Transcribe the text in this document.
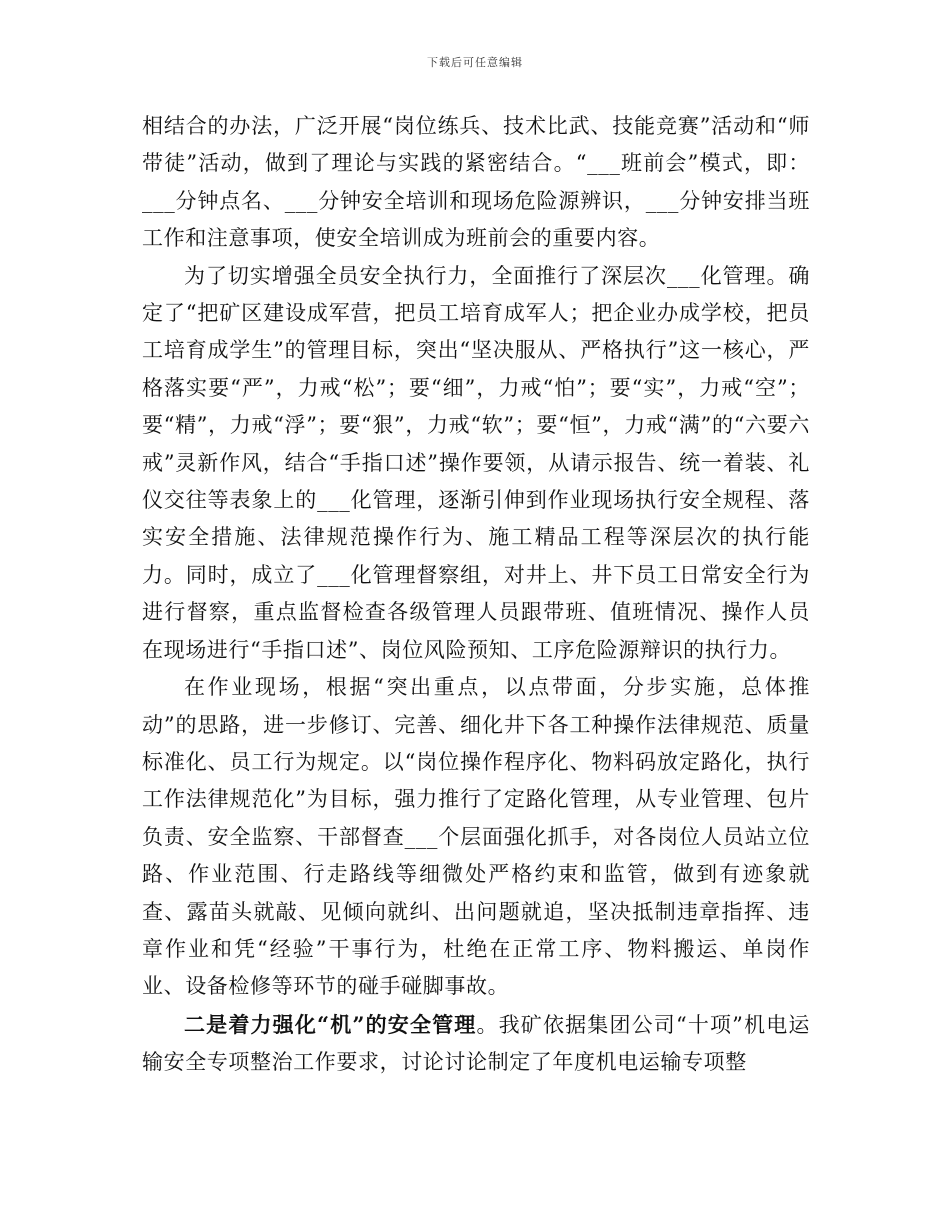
下载后可任意编辑

相结合的办法，广泛开展“岗位练兵、技术比武、技能竞赛”活动和“师带徒”活动，做到了理论与实践的紧密结合。“___班前会”模式，即：___分钟点名、___分钟安全培训和现场危险源辨识，___分钟安排当班工作和注意事项，使安全培训成为班前会的重要内容。

为了切实增强全员安全执行力，全面推行了深层次___化管理。确定了“把矿区建设成军营，把员工培育成军人；把企业办成学校，把员工培育成学生”的管理目标，突出“坚决服从、严格执行”这一核心，严格落实要“严”，力戒“松”；要“细”，力戒“怕”；要“实”，力戒“空”；要“精”，力戒“浮”；要“狠”，力戒“软”；要“恒”，力戒“满”的“六要六戒”灵新作风，结合“手指口述”操作要领，从请示报告、统一着装、礼仪交往等表象上的___化管理，逐渐引伸到作业现场执行安全规程、落实安全措施、法律规范操作行为、施工精品工程等深层次的执行能力。同时，成立了___化管理督察组，对井上、井下员工日常安全行为进行督察，重点监督检查各级管理人员跟带班、值班情况、操作人员在现场进行“手指口述”、岗位风险预知、工序危险源辩识的执行力。

在作业现场，根据“突出重点，以点带面，分步实施，总体推动”的思路，进一步修订、完善、细化井下各工种操作法律规范、质量标准化、员工行为规定。以“岗位操作程序化、物料码放定路化，执行工作法律规范化”为目标，强力推行了定路化管理，从专业管理、包片负责、安全监察、干部督查___个层面强化抓手，对各岗位人员站立位路、作业范围、行走路线等细微处严格约束和监管，做到有迹象就查、露苗头就敲、见倾向就纠、出问题就追，坚决抵制违章指挥、违章作业和凭“经验”干事行为，杜绝在正常工序、物料搬运、单岗作业、设备检修等环节的碰手碰脚事故。

二是着力强化“机”的安全管理。我矿依据集团公司“十项”机电运输安全专项整治工作要求，讨论讨论制定了年度机电运输专项整
